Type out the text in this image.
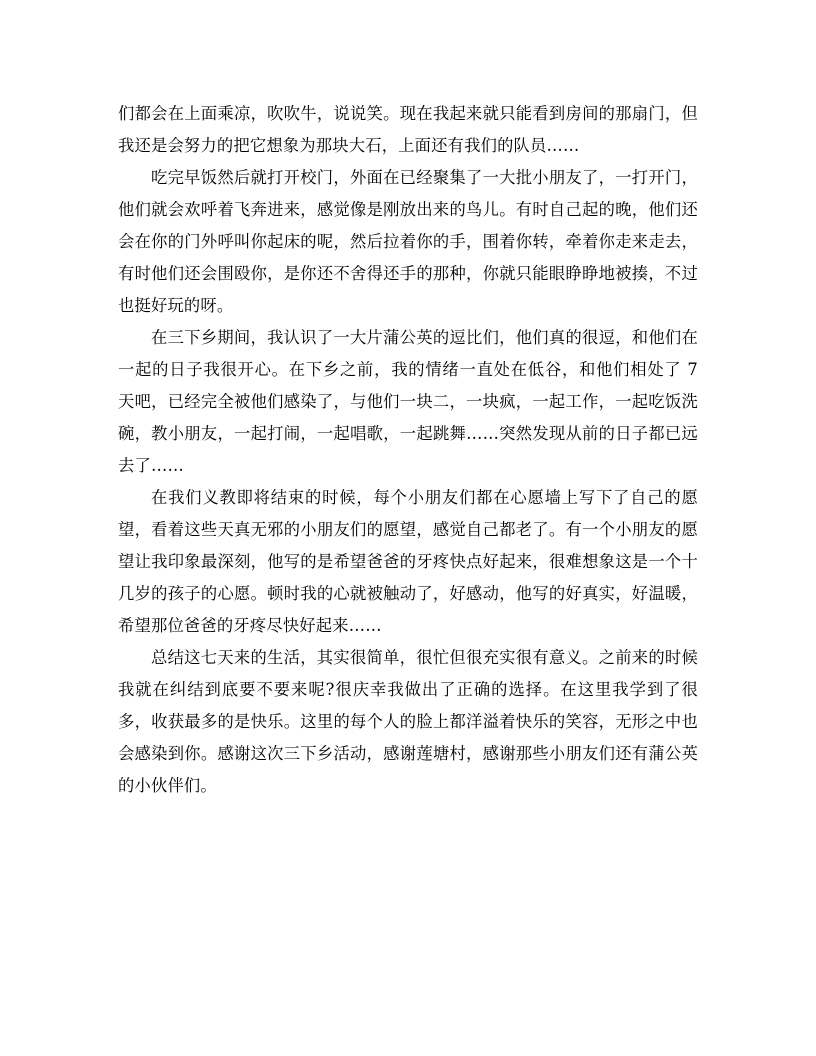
们都会在上面乘凉，吹吹牛，说说笑。现在我起来就只能看到房间的那扇门，但我还是会努力的把它想象为那块大石，上面还有我们的队员……

吃完早饭然后就打开校门，外面在已经聚集了一大批小朋友了，一打开门，他们就会欢呼着飞奔进来，感觉像是刚放出来的鸟儿。有时自己起的晚，他们还会在你的门外呼叫你起床的呢，然后拉着你的手，围着你转，牵着你走来走去，有时他们还会围殴你，是你还不舍得还手的那种，你就只能眼睁睁地被揍，不过也挺好玩的呀。

在三下乡期间，我认识了一大片蒲公英的逗比们，他们真的很逗，和他们在一起的日子我很开心。在下乡之前，我的情绪一直处在低谷，和他们相处了 7 天吧，已经完全被他们感染了，与他们一块二，一块疯，一起工作，一起吃饭洗碗，教小朋友，一起打闹，一起唱歌，一起跳舞……突然发现从前的日子都已远去了……

在我们义教即将结束的时候，每个小朋友们都在心愿墙上写下了自己的愿望，看着这些天真无邪的小朋友们的愿望，感觉自己都老了。有一个小朋友的愿望让我印象最深刻，他写的是希望爸爸的牙疼快点好起来，很难想象这是一个十几岁的孩子的心愿。顿时我的心就被触动了，好感动，他写的好真实，好温暖，希望那位爸爸的牙疼尽快好起来……

总结这七天来的生活，其实很简单，很忙但很充实很有意义。之前来的时候我就在纠结到底要不要来呢?很庆幸我做出了正确的选择。在这里我学到了很多，收获最多的是快乐。这里的每个人的脸上都洋溢着快乐的笑容，无形之中也会感染到你。感谢这次三下乡活动，感谢莲塘村，感谢那些小朋友们还有蒲公英的小伙伴们。
